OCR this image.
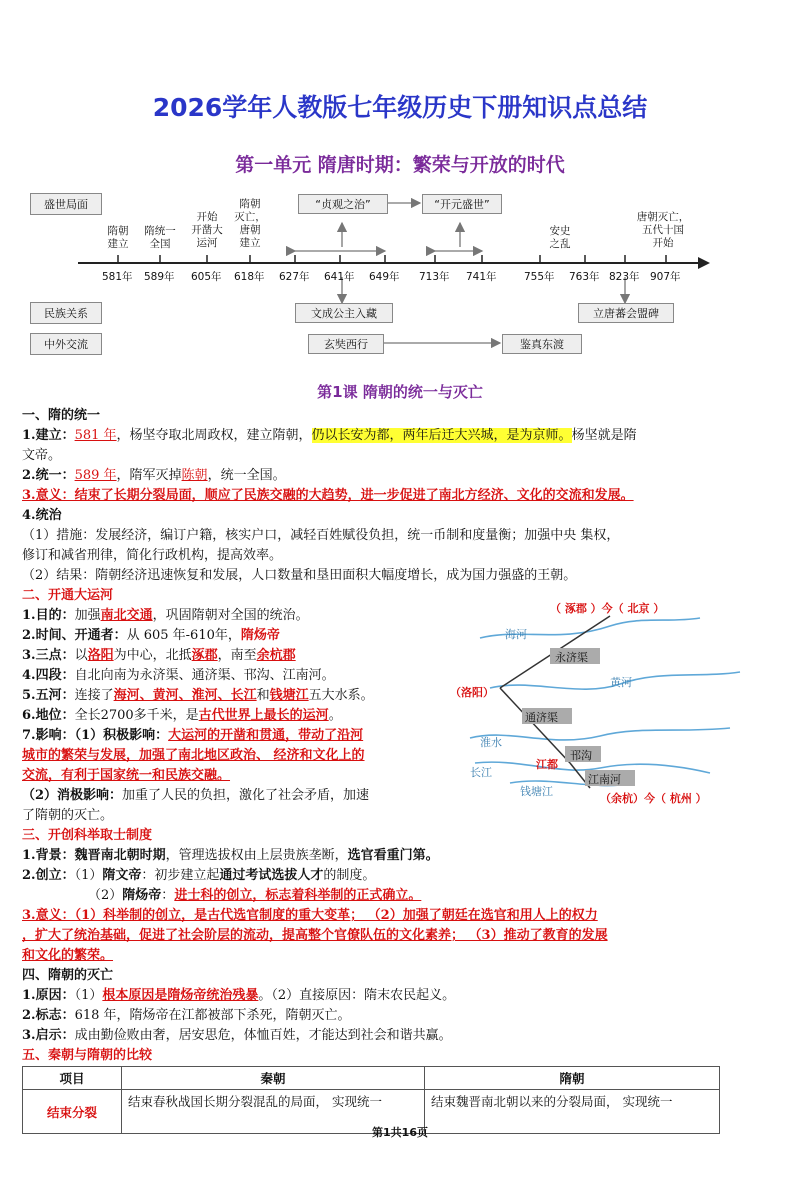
2026学年人教版七年级历史下册知识点总结
第一单元 隋唐时期：繁荣与开放的时代
盛世局面
民族关系
中外交流
隋朝
建立
隋统一
全国
开始
开凿大
运河
隋朝
灭亡，
唐朝
建立
安史
之乱
唐朝灭亡，
五代十国
开始
581年 589年 605年 618年 627年 641年 649年 713年 741年	755年 763年 823年 907年
“贞观之治”	“开元盛世”
文成公主入藏	立唐蕃会盟碑
玄奘西行	鉴真东渡
第1课 隋朝的统一与灭亡
一、隋的统一
1.建立：581 年，杨坚夺取北周政权，建立隋朝，仍以长安为都，两年后迁大兴城，是为京师。杨坚就是隋
文帝。
2.统一：589 年，隋军灭掉陈朝，统一全国。
3.意义：结束了长期分裂局面，顺应了民族交融的大趋势，进一步促进了南北方经济、文化的交流和发展。
4.统治
（1）措施：发展经济，编订户籍，核实户口，减轻百姓赋役负担，统一币制和度量衡；加强中央 集权，
修订和减省刑律，简化行政机构，提高效率。
（2）结果：隋朝经济迅速恢复和发展，人口数量和垦田面积大幅度增长，成为国力强盛的王朝。
二、开通大运河
1.目的：加强南北交通，巩固隋朝对全国的统治。
2.时间、开通者：从 605 年-610年，隋炀帝
3.三点：以洛阳为中心，北抵涿郡，南至余杭郡
4.四段：自北向南为永济渠、通济渠、邗沟、江南河。
5.五河：连接了海河、黄河、淮河、长江和钱塘江五大水系。
6.地位：全长2700多千米，是古代世界上最长的运河。
7.影响：（1）积极影响：大运河的开凿和贯通，带动了沿河
城市的繁荣与发展，加强了南北地区政治、 经济和文化上的
交流，有利于国家统一和民族交融。
（2）消极影响：加重了人民的负担，激化了社会矛盾，加速
了隋朝的灭亡。
（ 涿郡 ）今（ 北京 ）
海河
永济渠
黄河
（洛阳）
通济渠
淮水
邗沟
长江
江都
江南河
钱塘江
（余杭）今（ 杭州 ）
三、开创科举取士制度
1.背景：魏晋南北朝时期，管理选拔权由上层贵族垄断，选官看重门第。
2.创立：（1）隋文帝：初步建立起通过考试选拔人才的制度。
（2）隋炀帝：进士科的创立，标志着科举制的正式确立。
3.意义：（1）科举制的创立，是古代选官制度的重大变革； （2）加强了朝廷在选官和用人上的权力
，扩大了统治基础，促进了社会阶层的流动，提高整个官僚队伍的文化素养； （3）推动了教育的发展
和文化的繁荣。
四、隋朝的灭亡
1.原因：（1）根本原因是隋炀帝统治残暴。（2）直接原因：隋末农民起义。
2.标志：618 年，隋炀帝在江都被部下杀死，隋朝灭亡。
3.启示：成由勤俭败由奢，居安思危，体恤百姓，才能达到社会和谐共赢。
五、秦朝与隋朝的比较
项目	秦朝	隋朝
结束分裂	结束春秋战国长期分裂混乱的局面， 实现统一	结束魏晋南北朝以来的分裂局面， 实现统一
第1共16页
